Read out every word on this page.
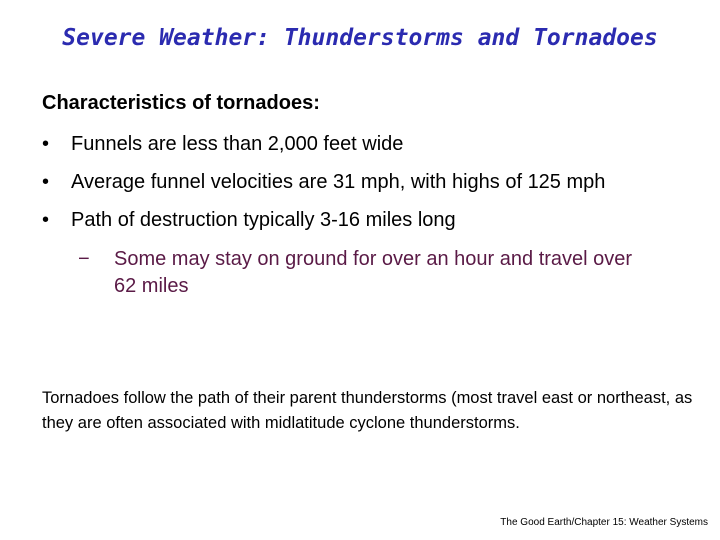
Severe Weather: Thunderstorms and Tornadoes

Characteristics of tornadoes:

• Funnels are less than 2,000 feet wide
• Average funnel velocities are 31 mph, with highs of 125 mph
• Path of destruction typically 3-16 miles long
− Some may stay on ground for over an hour and travel over 62 miles

Tornadoes follow the path of their parent thunderstorms (most travel east or northeast, as they are often associated with midlatitude cyclone thunderstorms.

The Good Earth/Chapter 15: Weather Systems
